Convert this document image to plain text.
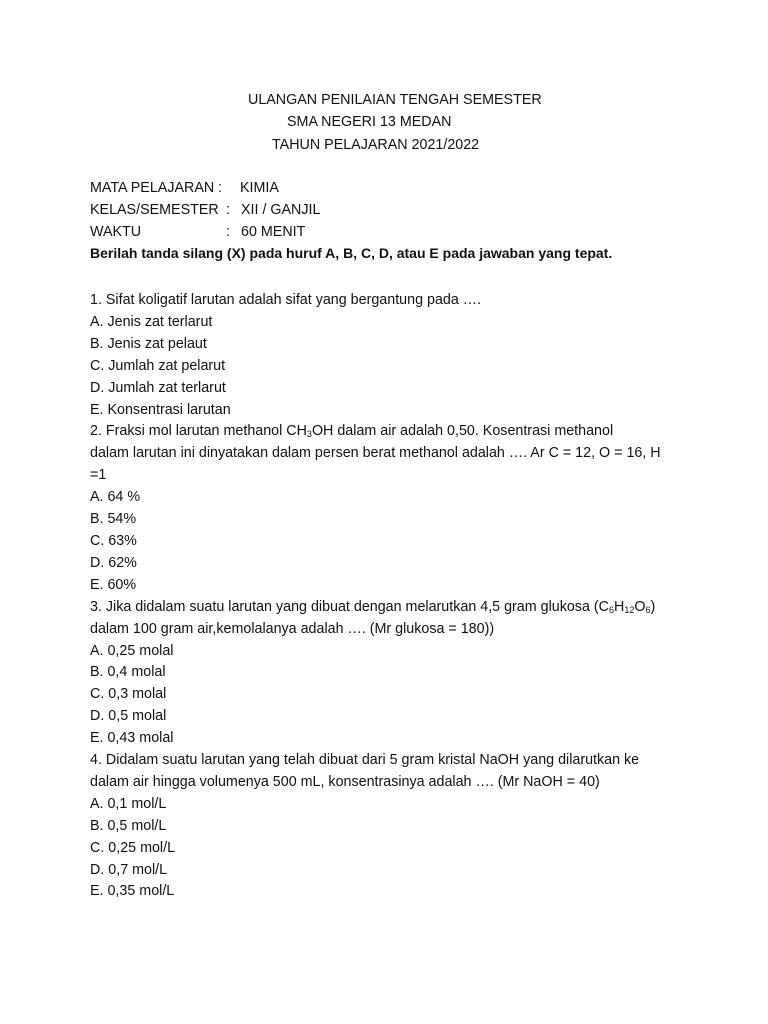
ULANGAN PENILAIAN TENGAH SEMESTER
SMA NEGERI 13 MEDAN
TAHUN PELAJARAN 2021/2022
MATA PELAJARAN : KIMIA
KELAS/SEMESTER : XII / GANJIL
WAKTU	: 60 MENIT
Berilah tanda silang (X) pada huruf A, B, C, D, atau E pada jawaban yang tepat.

1. Sifat koligatif larutan adalah sifat yang bergantung pada ….

A. Jenis zat terlarut

B. Jenis zat pelaut

C. Jumlah zat pelarut

D. Jumlah zat terlarut

E. Konsentrasi larutan

2. Fraksi mol larutan methanol $CH_3OH$ dalam air adalah 0,50. Kosentrasi methanol

dalam larutan ini dinyatakan dalam persen berat methanol adalah …. Ar C = 12, O = 16, H

=1

A. 64 %

B. 54%

C. 63%

D. 62%

E. 60%

3. Jika didalam suatu larutan yang dibuat dengan melarutkan 4,5 gram glukosa $(C_6H_{12}O_6)$

dalam 100 gram air,kemolalanya adalah …. (Mr glukosa = 180))

A. 0,25 molal

B. 0,4 molal

C. 0,3 molal

D. 0,5 molal

E. 0,43 molal

4. Didalam suatu larutan yang telah dibuat dari 5 gram kristal NaOH yang dilarutkan ke

dalam air hingga volumenya 500 mL, konsentrasinya adalah …. (Mr NaOH = 40)

A. 0,1 mol/L

B. 0,5 mol/L

C. 0,25 mol/L

D. 0,7 mol/L

E. 0,35 mol/L
